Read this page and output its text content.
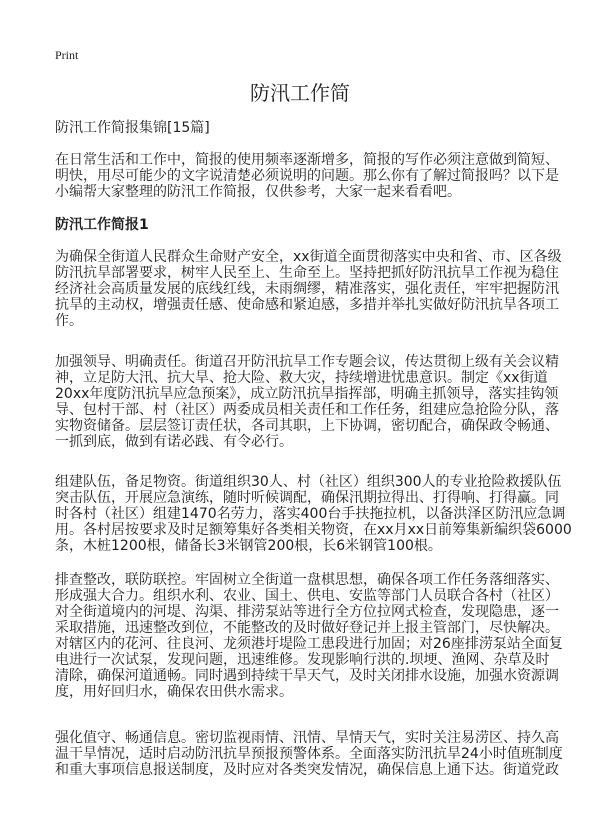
Print
防汛工作简
防汛工作简报集锦[15篇]
在日常生活和工作中，简报的使用频率逐渐增多，简报的写作必须注意做到简短、
明快，用尽可能少的文字说清楚必须说明的问题。那么你有了解过简报吗？以下是
小编帮大家整理的防汛工作简报，仅供参考，大家一起来看看吧。
防汛工作简报1
为确保全街道人民群众生命财产安全，xx街道全面贯彻落实中央和省、市、区各级
防汛抗旱部署要求，树牢人民至上、生命至上。坚持把抓好防汛抗旱工作视为稳住
经济社会高质量发展的底线红线，未雨绸缪，精准落实，强化责任，牢牢把握防汛
抗旱的主动权，增强责任感、使命感和紧迫感，多措并举扎实做好防汛抗旱各项工
作。
加强领导、明确责任。街道召开防汛抗旱工作专题会议，传达贯彻上级有关会议精
神，立足防大汛、抗大旱、抢大险、救大灾，持续增进忧患意识。制定《xx街道
20xx年度防汛抗旱应急预案》，成立防汛抗旱指挥部，明确主抓领导，落实挂钩领
导、包村干部、村（社区）两委成员相关责任和工作任务，组建应急抢险分队，落
实物资储备。层层签订责任状，各司其职，上下协调，密切配合，确保政令畅通、
一抓到底，做到有诺必践、有令必行。
组建队伍，备足物资。街道组织30人、村（社区）组织300人的专业抢险救援队伍
突击队伍，开展应急演练，随时听候调配，确保汛期拉得出、打得响、打得赢。同
时各村（社区）组建1470名劳力，落实400台手扶拖拉机，以备洪泽区防汛应急调
用。各村居按要求及时足额筹集好各类相关物资，在xx月xx日前筹集新编织袋6000
条，木桩1200根，储备长3米钢管200根，长6米钢管100根。
排查整改，联防联控。牢固树立全街道一盘棋思想，确保各项工作任务落细落实、
形成强大合力。组织水利、农业、国土、供电、安监等部门人员联合各村（社区）
对全街道境内的河堤、沟渠、排涝泵站等进行全方位拉网式检查，发现隐患，逐一
采取措施，迅速整改到位，不能整改的及时做好登记并上报主管部门，尽快解决。
对辖区内的花河、往良河、龙须港圩堤险工患段进行加固；对26座排涝泵站全面复
电进行一次试泵，发现问题，迅速维修。发现影响行洪的.坝埂、渔网、杂草及时
清除，确保河道通畅。同时遇到持续干旱天气，及时关闭排水设施，加强水资源调
度，用好回归水，确保农田供水需求。
强化值守、畅通信息。密切监视雨情、汛情、旱情天气，实时关注易涝区、持久高
温干旱情况，适时启动防汛抗旱预报预警体系。全面落实防汛抗旱24小时值班制度
和重大事项信息报送制度，及时应对各类突发情况，确保信息上通下达。街道党政
